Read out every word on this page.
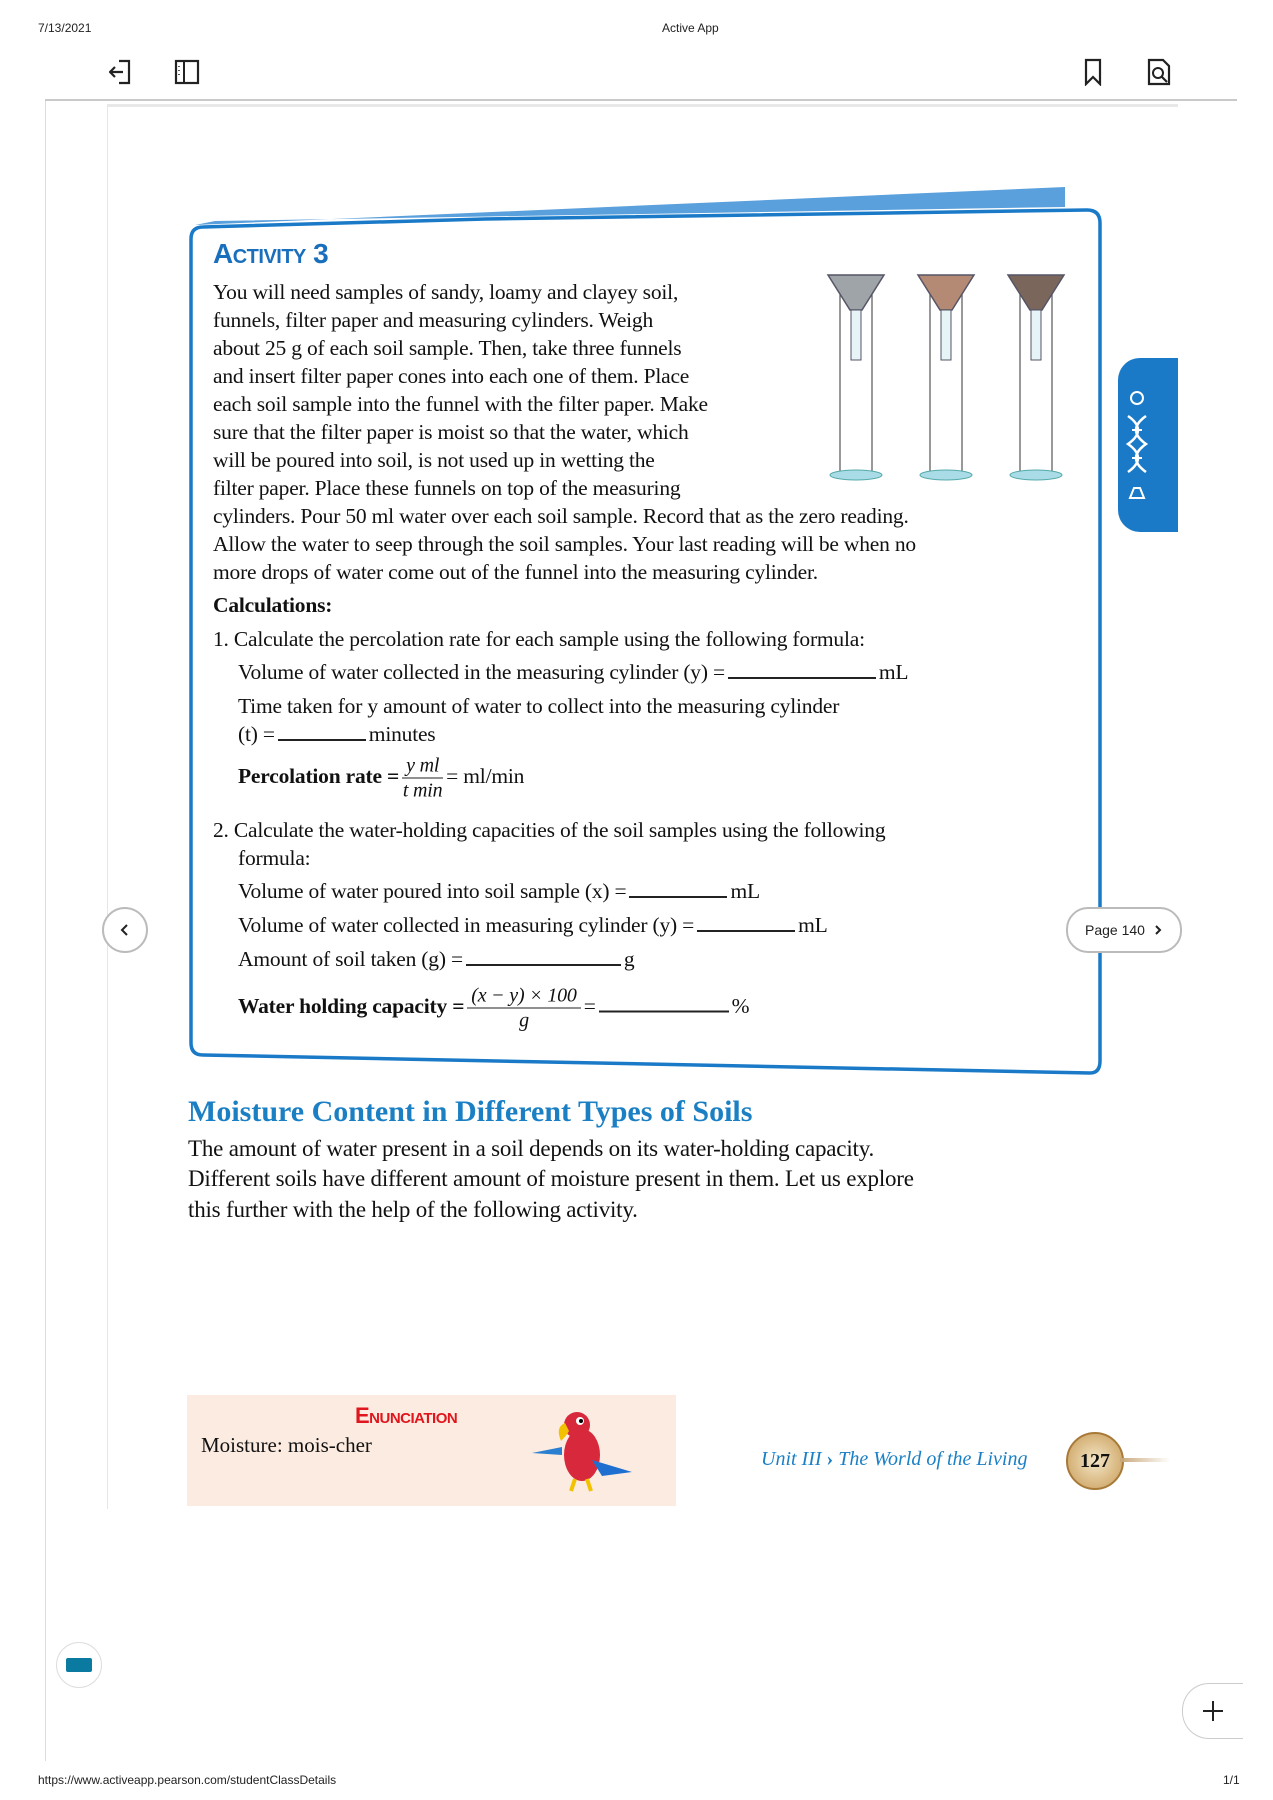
7/13/2021	Active App
Activity 3
You will need samples of sandy, loamy and clayey soil,
funnels, filter paper and measuring cylinders. Weigh
about 25 g of each soil sample. Then, take three funnels
and insert filter paper cones into each one of them. Place
each soil sample into the funnel with the filter paper. Make
sure that the filter paper is moist so that the water, which
will be poured into soil, is not used up in wetting the
filter paper. Place these funnels on top of the measuring
cylinders. Pour 50 ml water over each soil sample. Record that as the zero reading.
Allow the water to seep through the soil samples. Your last reading will be when no
more drops of water come out of the funnel into the measuring cylinder.
Calculations:
1. Calculate the percolation rate for each sample using the following formula:
Volume of water collected in the measuring cylinder (y) =	mL
Time taken for y amount of water to collect into the measuring cylinder
(t) =	minutes
Percolation rate = $\frac{\text{y ml}}{\text{t min}} = ml/\min$
2. Calculate the water-holding capacities of the soil samples using the following
formula:
Volume of water poured into soil sample (x) =	mL
Volume of water collected in measuring cylinder (y) =	mL
Amount of soil taken (g) =	g
Water holding capacity = $\frac{(x - y) \times 100}{g}$ =	%
Moisture Content in Different Types of Soils
The amount of water present in a soil depends on its water-holding capacity.
Different soils have different amount of moisture present in them. Let us explore
this further with the help of the following activity.
Enunciation
Moisture: mois-cher
Unit III › The World of the Living	127
Page 140
https://www.activeapp.pearson.com/studentClassDetails	1/1
